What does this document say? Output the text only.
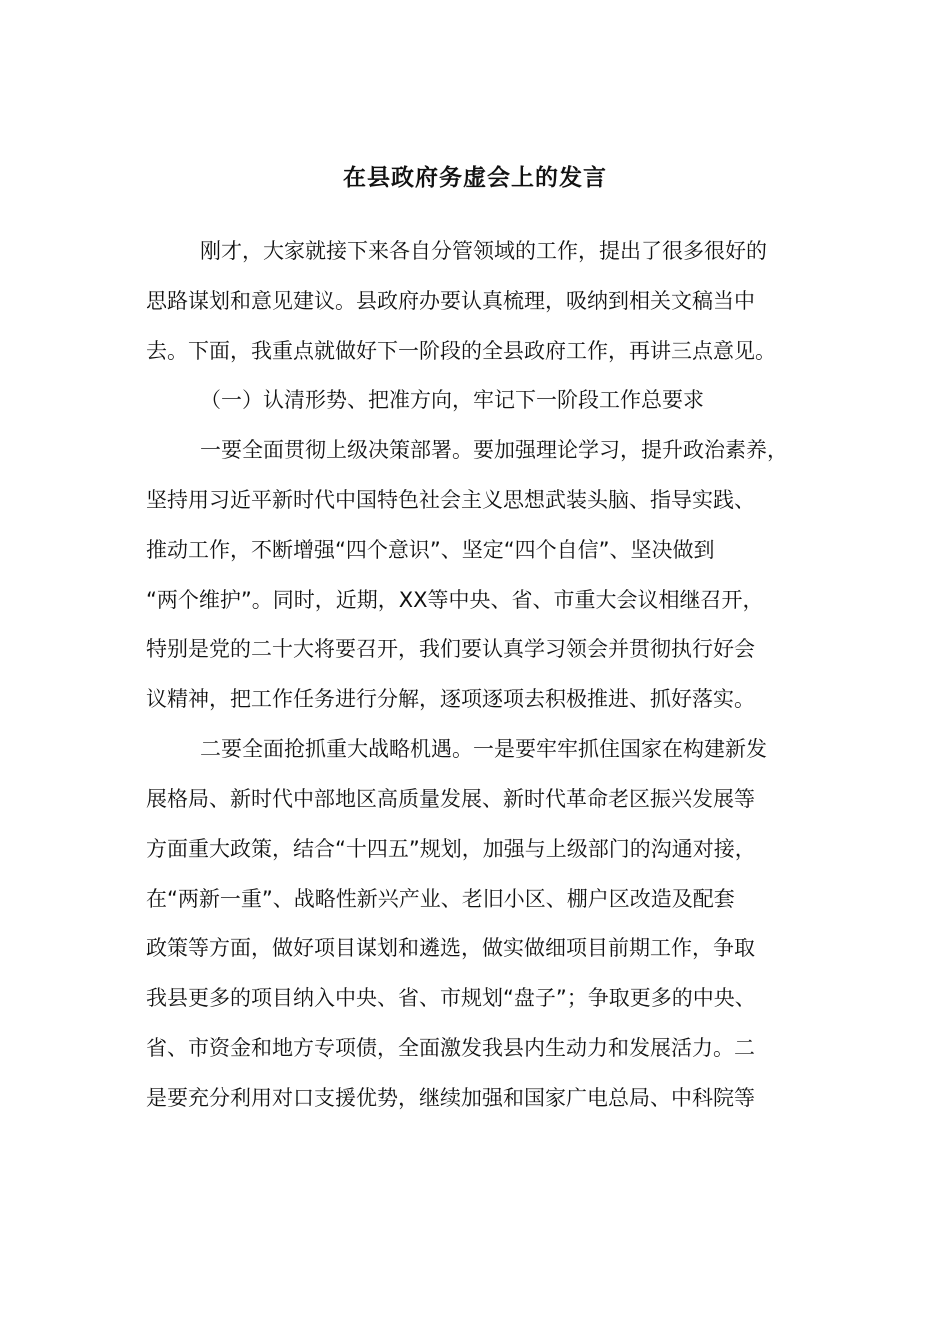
在县政府务虚会上的发言

刚才，大家就接下来各自分管领域的工作，提出了很多很好的

思路谋划和意见建议。县政府办要认真梳理，吸纳到相关文稿当中

去。下面，我重点就做好下一阶段的全县政府工作，再讲三点意见。

（一）认清形势、把准方向，牢记下一阶段工作总要求

一要全面贯彻上级决策部署。要加强理论学习，提升政治素养，

坚持用习近平新时代中国特色社会主义思想武装头脑、指导实践、

推动工作，不断增强“四个意识”、坚定“四个自信”、坚决做到

“两个维护”。同时，近期，XX等中央、省、市重大会议相继召开，

特别是党的二十大将要召开，我们要认真学习领会并贯彻执行好会

议精神，把工作任务进行分解，逐项逐项去积极推进、抓好落实。

二要全面抢抓重大战略机遇。一是要牢牢抓住国家在构建新发

展格局、新时代中部地区高质量发展、新时代革命老区振兴发展等

方面重大政策，结合“十四五”规划，加强与上级部门的沟通对接，

在“两新一重”、战略性新兴产业、老旧小区、棚户区改造及配套

政策等方面，做好项目谋划和遴选，做实做细项目前期工作，争取

我县更多的项目纳入中央、省、市规划“盘子”；争取更多的中央、

省、市资金和地方专项债，全面激发我县内生动力和发展活力。二

是要充分利用对口支援优势，继续加强和国家广电总局、中科院等
